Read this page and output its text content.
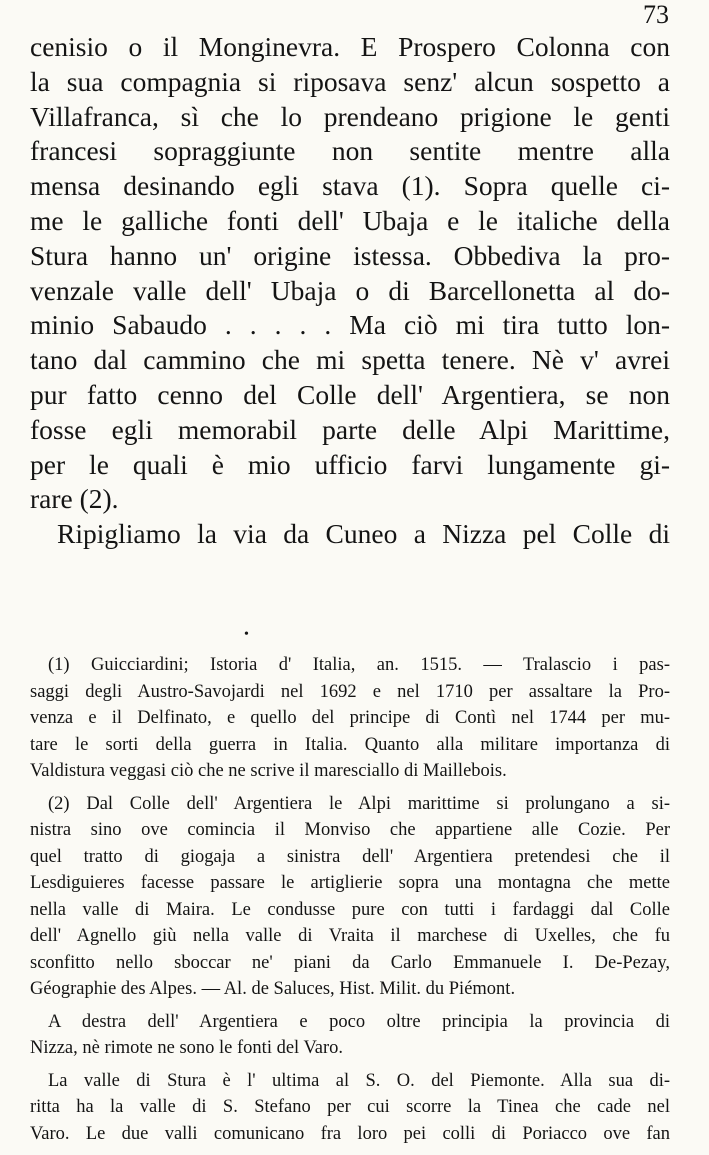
73
cenisio o il Monginevra. E Prospero Colonna con
la sua compagnia si riposava senz' alcun sospetto a
Villafranca, sì che lo prendeano prigione le genti
francesi sopraggiunte non sentite mentre alla
mensa desinando egli stava (1). Sopra quelle ci-
me le galliche fonti dell' Ubaja e le italiche della
Stura hanno un' origine istessa. Obbediva la pro-
venzale valle dell' Ubaja o di Barcellonetta al do-
minio Sabaudo . . . . . Ma ciò mi tira tutto lon-
tano dal cammino che mi spetta tenere. Nè v' avrei
pur fatto cenno del Colle dell' Argentiera, se non
fosse egli memorabil parte delle Alpi Marittime,
per le quali è mio ufficio farvi lungamente gi-
rare (2).
Ripigliamo la via da Cuneo a Nizza pel Colle di
•
(1) Guicciardini; Istoria d' Italia, an. 1515. — Tralascio i pas-
saggi degli Austro-Savojardi nel 1692 e nel 1710 per assaltare la Pro-
venza e il Delfinato, e quello del principe di Contì nel 1744 per mu-
tare le sorti della guerra in Italia. Quanto alla militare importanza di
Valdistura veggasi ciò che ne scrive il maresciallo di Maillebois.
(2) Dal Colle dell' Argentiera le Alpi marittime si prolungano a si-
nistra sino ove comincia il Monviso che appartiene alle Cozie. Per
quel tratto di giogaja a sinistra dell' Argentiera pretendesi che il
Lesdiguieres facesse passare le artiglierie sopra una montagna che mette
nella valle di Maira. Le condusse pure con tutti i fardaggi dal Colle
dell' Agnello giù nella valle di Vraita il marchese di Uxelles, che fu
sconfitto nello sboccar ne' piani da Carlo Emmanuele I. De-Pezay,
Géographie des Alpes. — Al. de Saluces, Hist. Milit. du Piémont.
A destra dell' Argentiera e poco oltre principia la provincia di
Nizza, nè rimote ne sono le fonti del Varo.
La valle di Stura è l' ultima al S. O. del Piemonte. Alla sua di-
ritta ha la valle di S. Stefano per cui scorre la Tinea che cade nel
Varo. Le due valli comunicano fra loro pei colli di Poriacco ove fan
